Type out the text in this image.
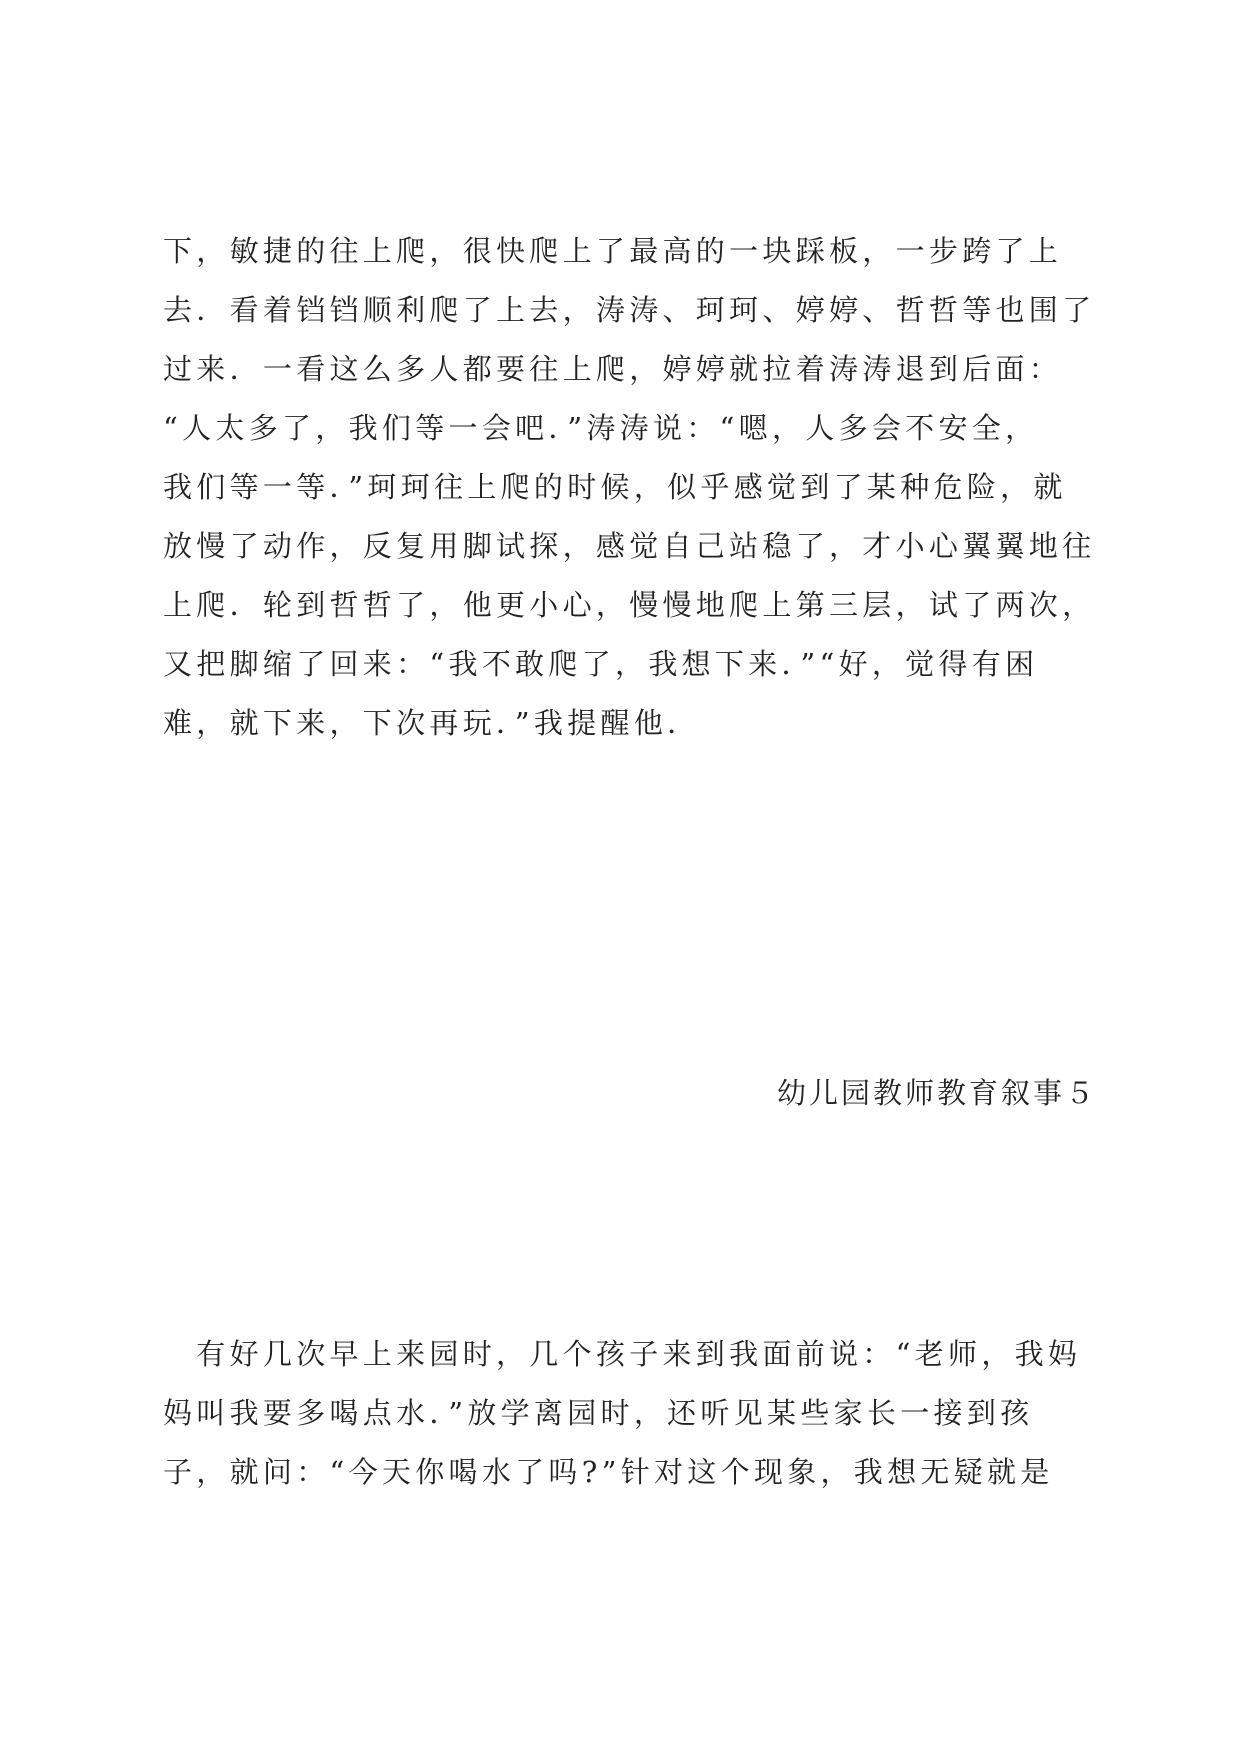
下，敏捷的往上爬，很快爬上了最高的一块踩板，一步跨了上
去．看着铛铛顺利爬了上去，涛涛、珂珂、婷婷、哲哲等也围了
过来．一看这么多人都要往上爬，婷婷就拉着涛涛退到后面：
“人太多了，我们等一会吧．”涛涛说：“嗯，人多会不安全，
我们等一等．”珂珂往上爬的时候，似乎感觉到了某种危险，就
放慢了动作，反复用脚试探，感觉自己站稳了，才小心翼翼地往
上爬．轮到哲哲了，他更小心，慢慢地爬上第三层，试了两次，
又把脚缩了回来：“我不敢爬了，我想下来．”“好，觉得有困
难，就下来，下次再玩．”我提醒他．
幼儿园教师教育叙事５
　有好几次早上来园时，几个孩子来到我面前说：“老师，我妈
妈叫我要多喝点水．”放学离园时，还听见某些家长一接到孩
子，就问：“今天你喝水了吗?”针对这个现象，我想无疑就是
